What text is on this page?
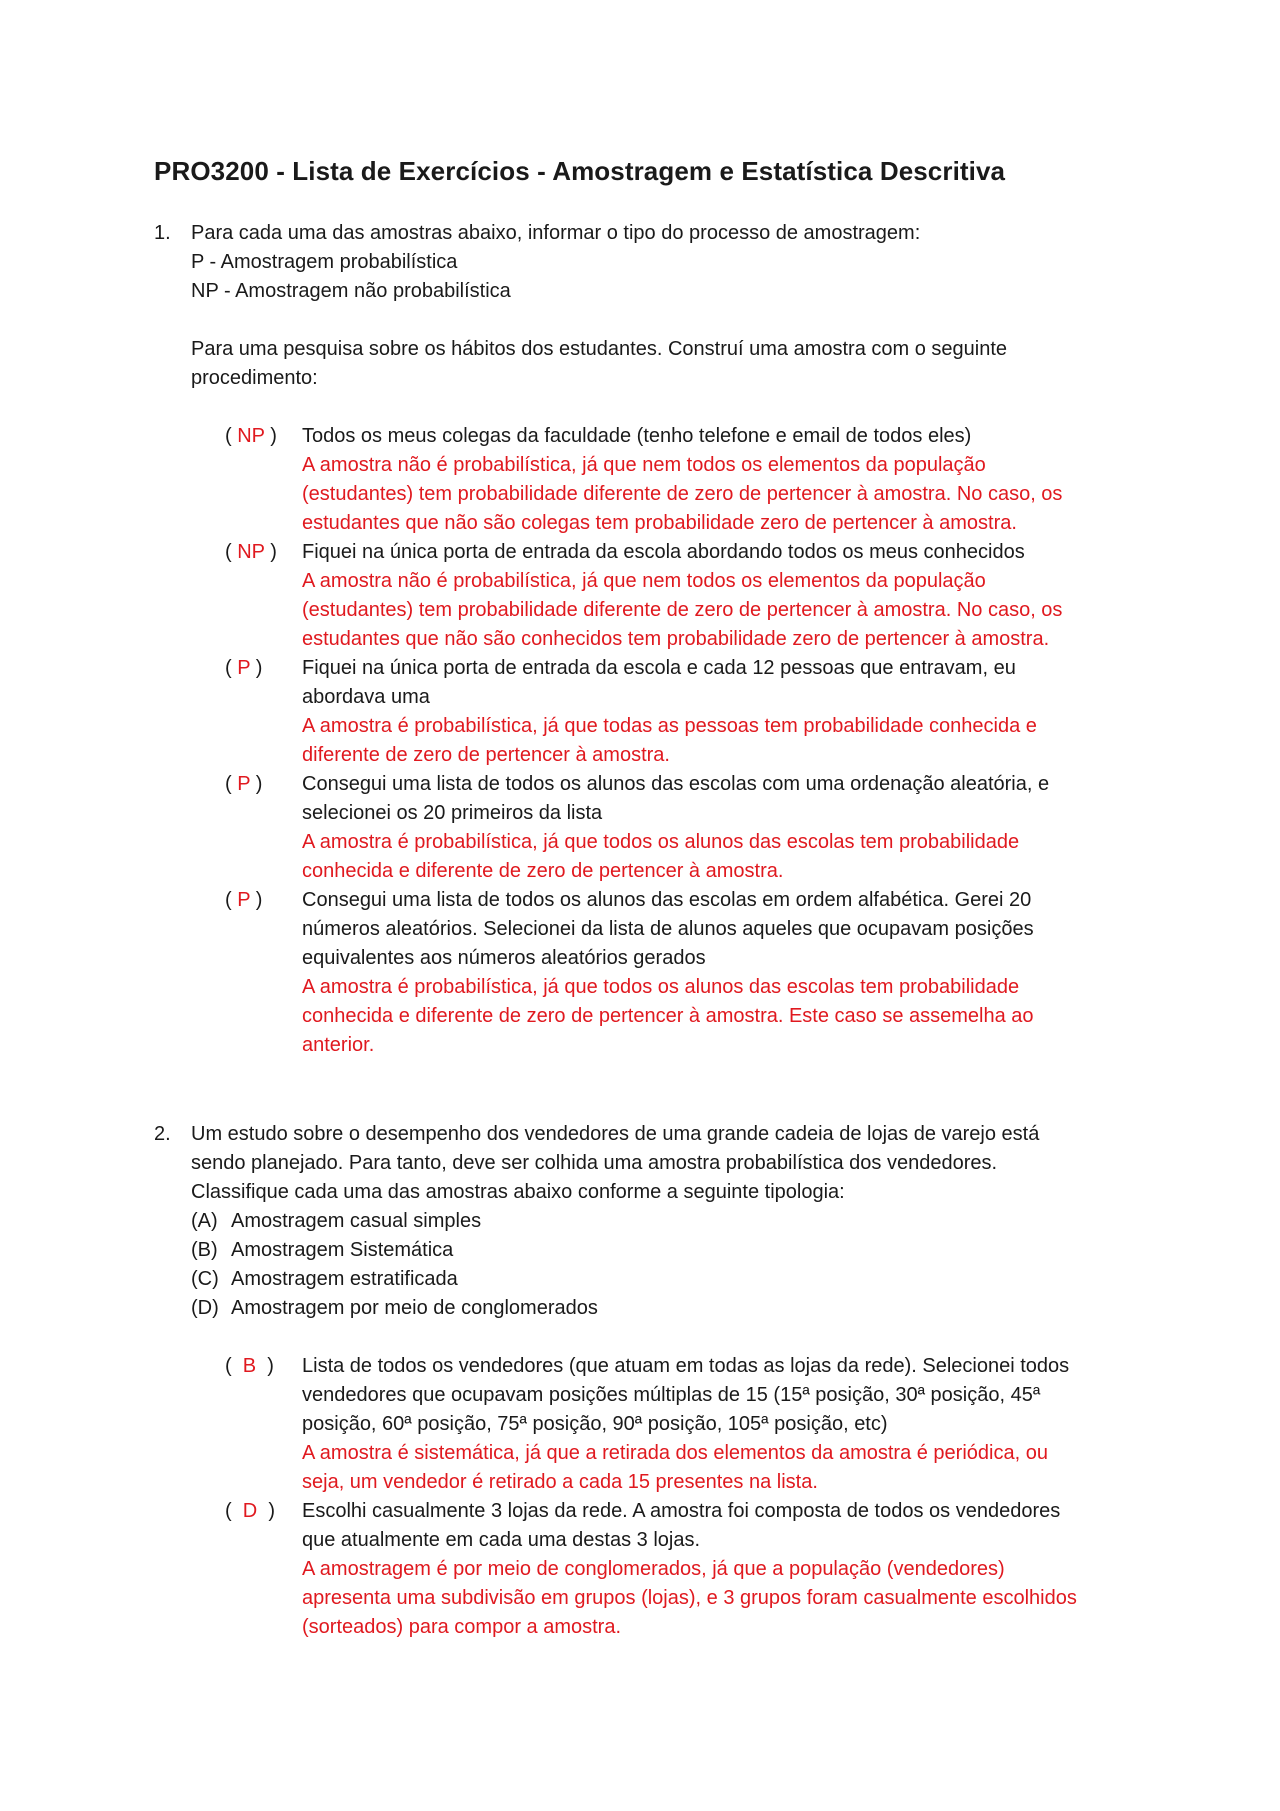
PRO3200 - Lista de Exercícios - Amostragem e Estatística Descritiva
1. Para cada uma das amostras abaixo, informar o tipo do processo de amostragem:
P - Amostragem probabilística
NP - Amostragem não probabilística
Para uma pesquisa sobre os hábitos dos estudantes. Construí uma amostra com o seguinte
procedimento:
( NP ) Todos os meus colegas da faculdade (tenho telefone e email de todos eles)
A amostra não é probabilística, já que nem todos os elementos da população
(estudantes) tem probabilidade diferente de zero de pertencer à amostra. No caso, os
estudantes que não são colegas tem probabilidade zero de pertencer à amostra.
( NP ) Fiquei na única porta de entrada da escola abordando todos os meus conhecidos
A amostra não é probabilística, já que nem todos os elementos da população
(estudantes) tem probabilidade diferente de zero de pertencer à amostra. No caso, os
estudantes que não são conhecidos tem probabilidade zero de pertencer à amostra.
( P ) Fiquei na única porta de entrada da escola e cada 12 pessoas que entravam, eu
abordava uma
A amostra é probabilística, já que todas as pessoas tem probabilidade conhecida e
diferente de zero de pertencer à amostra.
( P ) Consegui uma lista de todos os alunos das escolas com uma ordenação aleatória, e
selecionei os 20 primeiros da lista
A amostra é probabilística, já que todos os alunos das escolas tem probabilidade
conhecida e diferente de zero de pertencer à amostra.
( P ) Consegui uma lista de todos os alunos das escolas em ordem alfabética. Gerei 20
números aleatórios. Selecionei da lista de alunos aqueles que ocupavam posições
equivalentes aos números aleatórios gerados
A amostra é probabilística, já que todos os alunos das escolas tem probabilidade
conhecida e diferente de zero de pertencer à amostra. Este caso se assemelha ao
anterior.
2. Um estudo sobre o desempenho dos vendedores de uma grande cadeia de lojas de varejo está
sendo planejado. Para tanto, deve ser colhida uma amostra probabilística dos vendedores.
Classifique cada uma das amostras abaixo conforme a seguinte tipologia:
(A) Amostragem casual simples
(B) Amostragem Sistemática
(C) Amostragem estratificada
(D) Amostragem por meio de conglomerados
(  B  ) Lista de todos os vendedores (que atuam em todas as lojas da rede). Selecionei todos
vendedores que ocupavam posições múltiplas de 15 (15ª posição, 30ª posição, 45ª
posição, 60ª posição, 75ª posição, 90ª posição, 105ª posição, etc)
A amostra é sistemática, já que a retirada dos elementos da amostra é periódica, ou
seja, um vendedor é retirado a cada 15 presentes na lista.
(  D  ) Escolhi casualmente 3 lojas da rede. A amostra foi composta de todos os vendedores
que atualmente em cada uma destas 3 lojas.
A amostragem é por meio de conglomerados, já que a população (vendedores)
apresenta uma subdivisão em grupos (lojas), e 3 grupos foram casualmente escolhidos
(sorteados) para compor a amostra.
